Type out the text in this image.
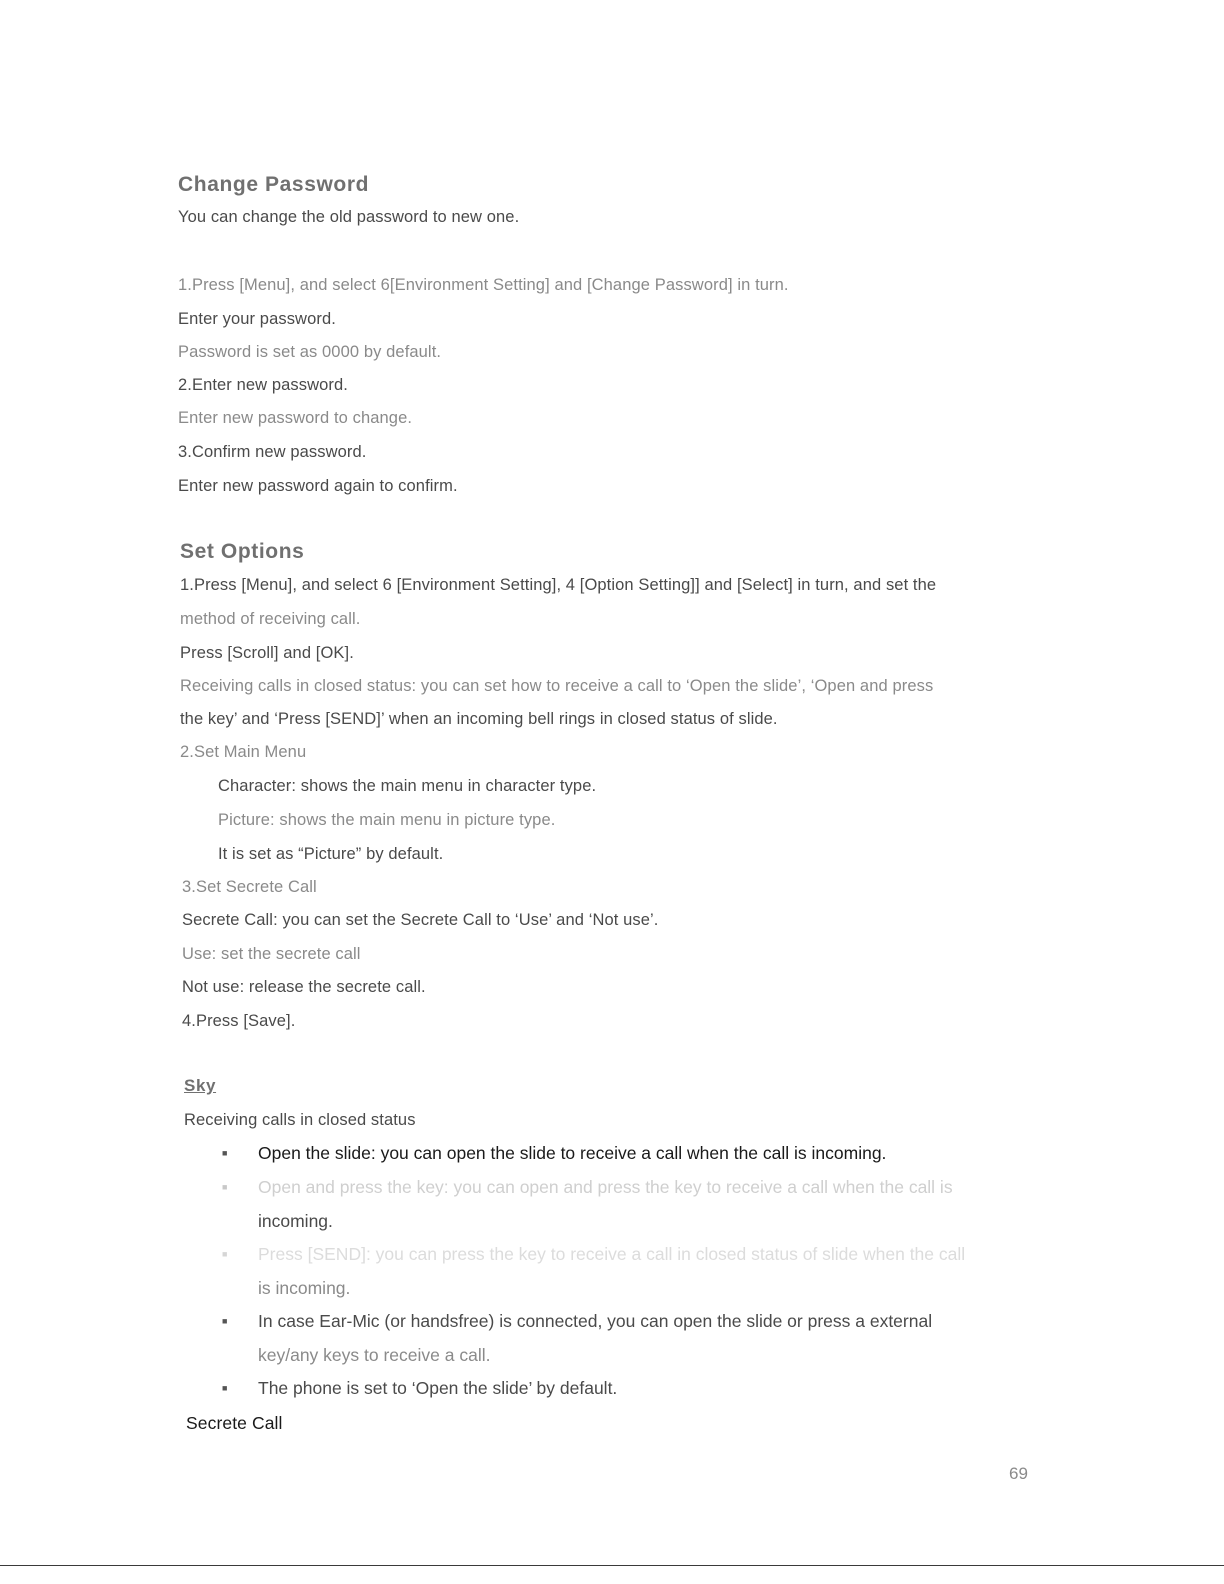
Change Password
You can change the old password to new one.
1.Press [Menu], and select 6[Environment Setting] and [Change Password] in turn.
Enter your password.
Password is set as 0000 by default.
2.Enter new password.
Enter new password to change.
3.Confirm new password.
Enter new password again to confirm.
Set Options
1.Press [Menu], and select 6 [Environment Setting], 4 [Option Setting]] and [Select] in turn, and set the
method of receiving call.
Press [Scroll] and [OK].
Receiving calls in closed status: you can set how to receive a call to ‘Open the slide’, ‘Open and press
the key’ and ‘Press [SEND]’ when an incoming bell rings in closed status of slide.
2.Set Main Menu
Character: shows the main menu in character type.
Picture: shows the main menu in picture type.
It is set as “Picture” by default.
3.Set Secrete Call
Secrete Call: you can set the Secrete Call to ‘Use’ and ‘Not use’.
Use: set the secrete call
Not use: release the secrete call.
4.Press [Save].
Sky
Receiving calls in closed status
■ Open the slide: you can open the slide to receive a call when the call is incoming.
■ Open and press the key: you can open and press the key to receive a call when the call is
incoming.
■ Press [SEND]: you can press the key to receive a call in closed status of slide when the call
is incoming.
■ In case Ear-Mic (or handsfree) is connected, you can open the slide or press a external
key/any keys to receive a call.
■ The phone is set to ‘Open the slide’ by default.
Secrete Call
69
